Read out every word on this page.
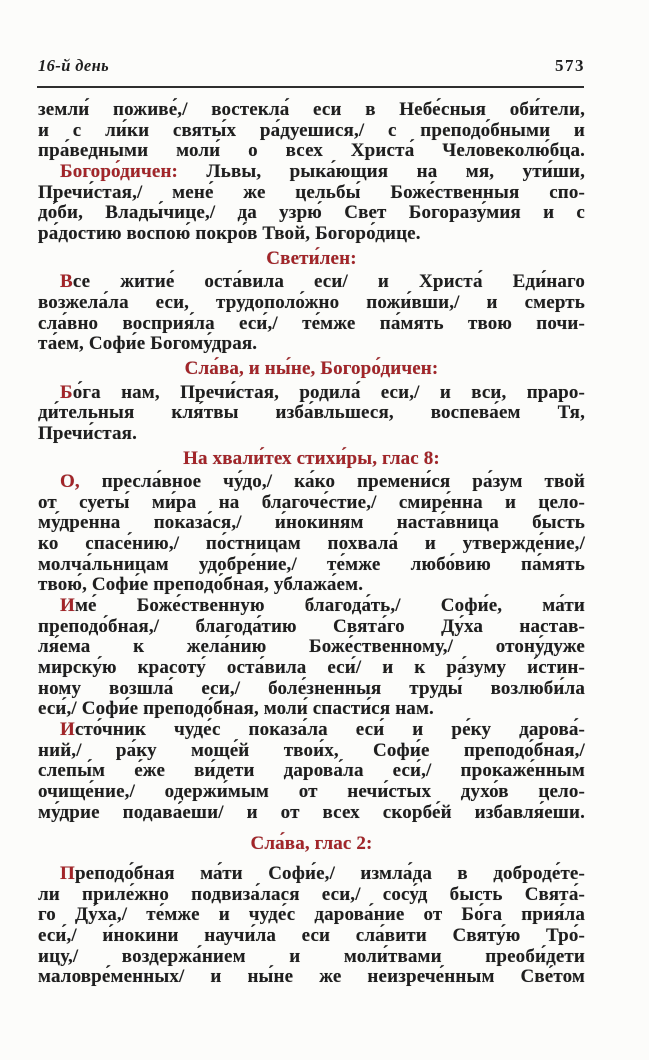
16-й день	573
земли́ поживе́,/ востекла́ еси в Небе́сныя оби́тели,
и с ли́ки святы́х ра́дуешися,/ с преподо́бными и
пра́ведными моли́ о всех Христа́ Человеколю́бца.
Богоро́дичен: Львы, рыка́ющия на мя, ути́ши,
Пречи́стая,/ мене́ же цельбы́ Боже́ственныя спо-
до́би, Влады́чице,/ да узрю́ Свет Богоразу́мия и с
ра́достию воспою́ покро́в Твой, Богоро́дице.
Свети́лен:
Все житие́ оста́вила еси/ и Христа́ Еди́наго
возжела́ла еси, трудополо́жно пожи́вши,/ и смерть
сла́вно восприя́ла еси́,/ те́мже па́мять твою почи-
та́ем, Софи́е Богому́драя.
Сла́ва, и ны́не, Богоро́дичен:
Бо́га нам, Пречи́стая, родила́ еси,/ и вси, праро-
ди́тельныя кля́твы изба́вльшеся, воспева́ем Тя,
Пречи́стая.
На хвали́тех стихи́ры, глас 8:
О, пресла́вное чу́до,/ ка́ко премени́ся ра́зум твой
от суеты́ ми́ра на благоче́стие,/ смире́нна и цело-
му́дренна показа́ся,/ и́нокиням наста́вница бысть
ко спасе́нию,/ по́стницам похвала́ и утвержде́ние,/
молча́льницам удобре́ние,/ те́мже любо́вию па́мять
твою́, Софи́е преподо́бная, ублажа́ем.
Име́ Боже́ственную благода́ть,/ Софи́е, ма́ти
преподо́бная,/ благода́тию Свята́го Ду́ха настав-
ля́ема к жела́нию Боже́ственному,/ отону́дуже
мирску́ю красоту́ оста́вила еси́/ и к ра́зуму и́стин-
ному возшла́ еси,/ боле́зненныя труды́ возлюби́ла
еси́,/ Софи́е преподо́бная, моли́ спасти́ся нам.
Исто́чник чуде́с показа́ла еси́ и ре́ку дарова́-
ний,/ ра́ку моще́й твои́х, Софи́е преподо́бная,/
слепы́м е́же ви́дети дарова́ла еси́,/ прокаже́нным
очище́ние,/ одержи́мым от нечи́стых духо́в цело-
му́дрие подава́еши/ и от всех скорбе́й избавля́еши.
Сла́ва, глас 2:
Преподо́бная ма́ти Софи́е,/ измла́да в доброде́те-
ли приле́жно подвиза́лася еси,/ сосу́д бысть Свята́-
го Ду́ха,/ те́мже и чуде́с дарова́ние от Бо́га прия́ла
еси́,/ и́нокини научи́ла еси сла́вити Святу́ю Тро́-
ицу,/ воздержа́нием и моли́твами преоби́дети
маловре́менных/ и ны́не же неизрече́нным Све́том
